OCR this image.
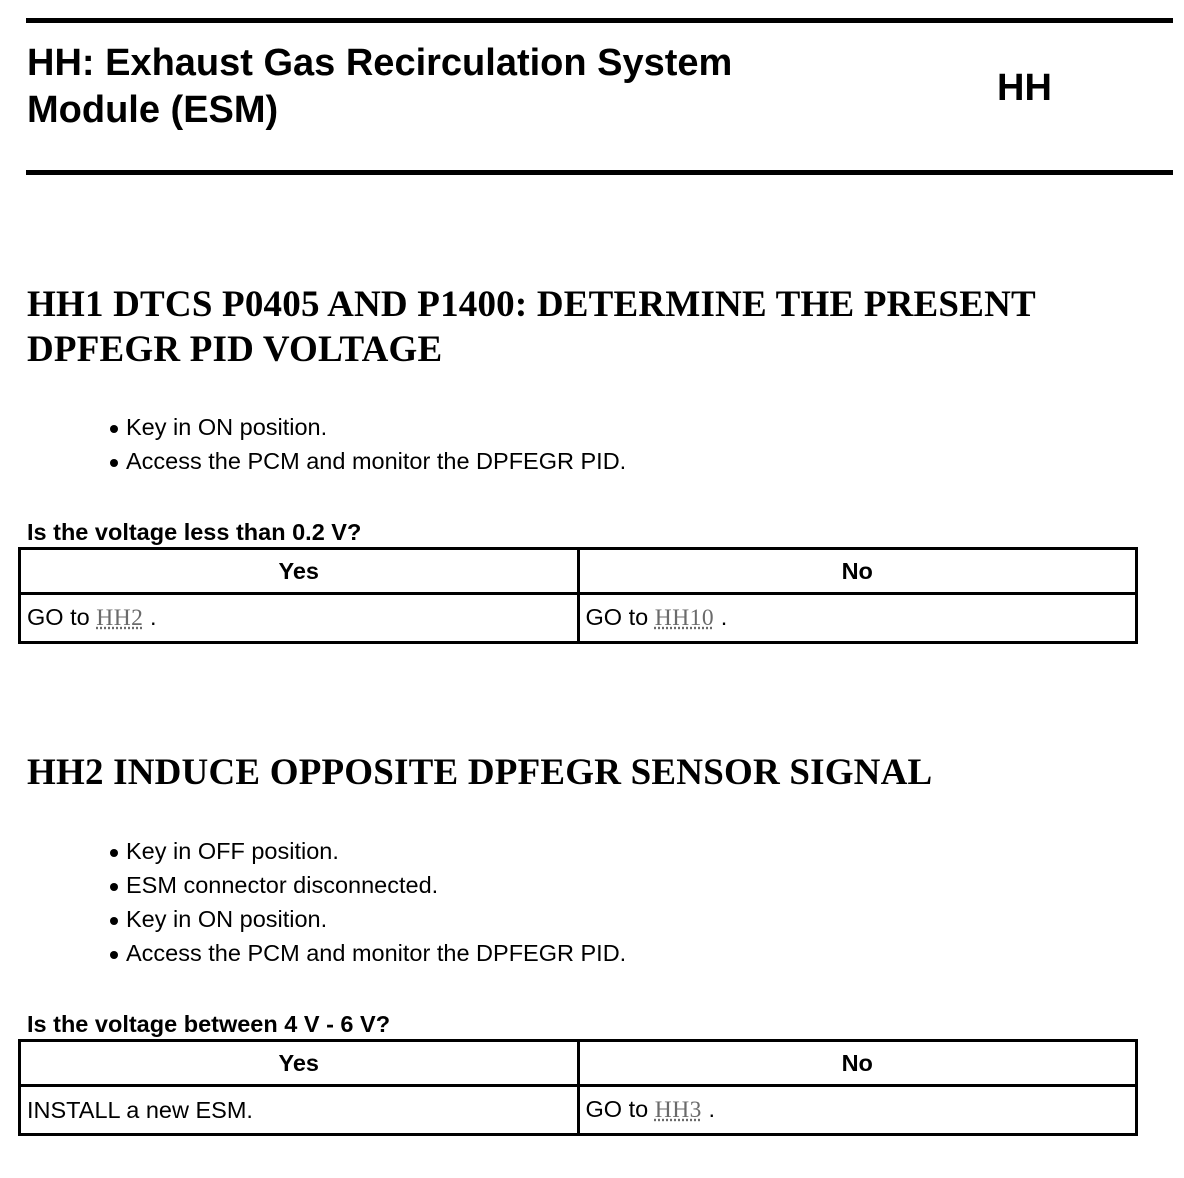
HH: Exhaust Gas Recirculation System
Module (ESM)
HH
HH1 DTCS P0405 AND P1400: DETERMINE THE PRESENT
DPFEGR PID VOLTAGE
Key in ON position.
Access the PCM and monitor the DPFEGR PID.
Is the voltage less than 0.2 V?
Yes	No
GO to HH2 .	GO to HH10 .
HH2 INDUCE OPPOSITE DPFEGR SENSOR SIGNAL
Key in OFF position.
ESM connector disconnected.
Key in ON position.
Access the PCM and monitor the DPFEGR PID.
Is the voltage between 4 V - 6 V?
Yes	No
INSTALL a new ESM.	GO to HH3 .
